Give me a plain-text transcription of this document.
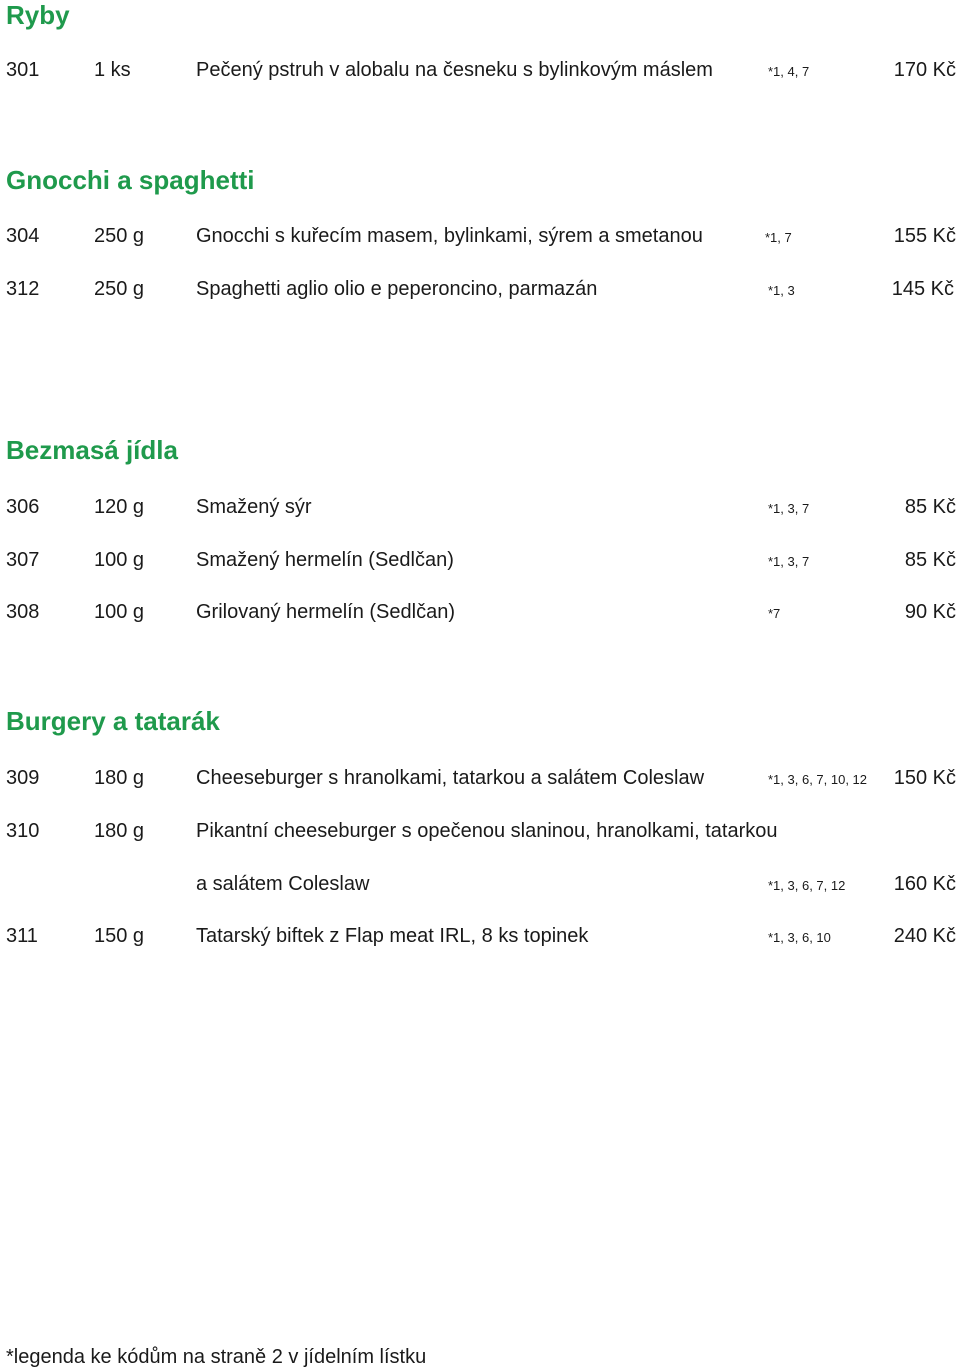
Ryby
301	1 ks	Pečený pstruh v alobalu na česneku s bylinkovým máslem	*1, 4, 7	170 Kč
Gnocchi a spaghetti
304	250 g	Gnocchi s kuřecím masem, bylinkami, sýrem a smetanou	*1, 7	155 Kč
312	250 g	Spaghetti aglio olio e peperoncino, parmazán	*1, 3	145 Kč
Bezmasá jídla
306	120 g	Smažený sýr	*1, 3, 7	85 Kč
307	100 g	Smažený hermelín (Sedlčan)	*1, 3, 7	85 Kč
308	100 g	Grilovaný hermelín (Sedlčan)	*7	90 Kč
Burgery a tatarák
309	180 g	Cheeseburger s hranolkami, tatarkou a salátem Coleslaw	*1, 3, 6, 7, 10, 12 150 Kč
310	180 g	Pikantní cheeseburger s opečenou slaninou, hranolkami, tatarkou
a salátem Coleslaw	*1, 3, 6, 7, 12 160 Kč
311	150 g	Tatarský biftek z Flap meat IRL, 8 ks topinek	*1, 3, 6, 10	240 Kč

*legenda ke kódům na straně 2 v jídelním lístku
